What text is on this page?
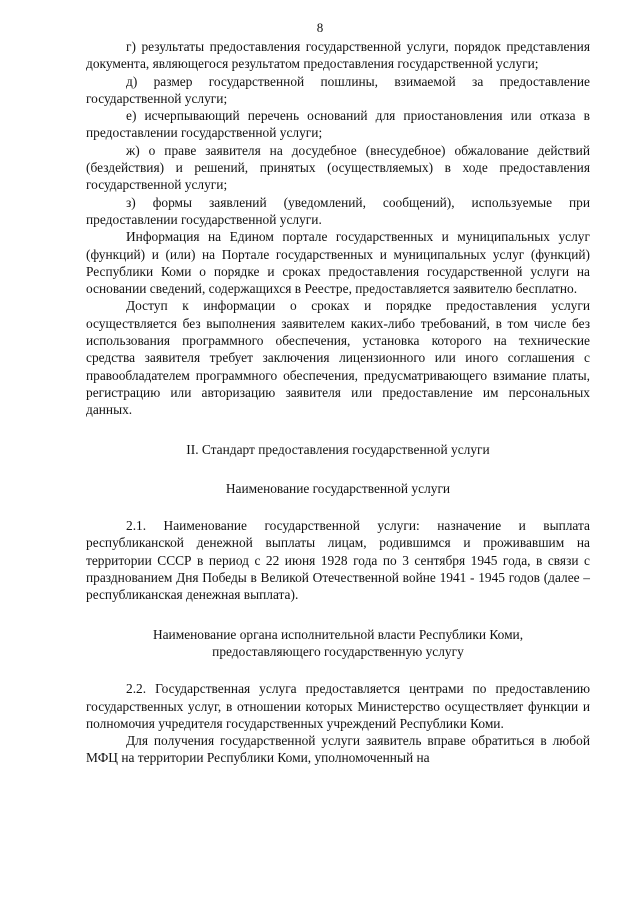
8

г) результаты предоставления государственной услуги, порядок представления документа, являющегося результатом предоставления государственной услуги;

д) размер государственной пошлины, взимаемой за предоставление государственной услуги;

е) исчерпывающий перечень оснований для приостановления или отказа в предоставлении государственной услуги;

ж) о праве заявителя на досудебное (внесудебное) обжалование действий (бездействия) и решений, принятых (осуществляемых) в ходе предоставления государственной услуги;

з) формы заявлений (уведомлений, сообщений), используемые при предоставлении государственной услуги.

Информация на Едином портале государственных и муниципальных услуг (функций) и (или) на Портале государственных и муниципальных услуг (функций) Республики Коми о порядке и сроках предоставления государственной услуги на основании сведений, содержащихся в Реестре, предоставляется заявителю бесплатно.

Доступ к информации о сроках и порядке предоставления услуги осуществляется без выполнения заявителем каких-либо требований, в том числе без использования программного обеспечения, установка которого на технические средства заявителя требует заключения лицензионного или иного соглашения с правообладателем программного обеспечения, предусматривающего взимание платы, регистрацию или авторизацию заявителя или предоставление им персональных данных.

II. Стандарт предоставления государственной услуги

Наименование государственной услуги

2.1. Наименование государственной услуги: назначение и выплата республиканской денежной выплаты лицам, родившимся и проживавшим на территории СССР в период с 22 июня 1928 года по 3 сентября 1945 года, в связи с празднованием Дня Победы в Великой Отечественной войне 1941 - 1945 годов (далее – республиканская денежная выплата).

Наименование органа исполнительной власти Республики Коми,
предоставляющего государственную услугу

2.2. Государственная услуга предоставляется центрами по предоставлению государственных услуг, в отношении которых Министерство осуществляет функции и полномочия учредителя государственных учреждений Республики Коми.

Для получения государственной услуги заявитель вправе обратиться в любой МФЦ на территории Республики Коми, уполномоченный на
